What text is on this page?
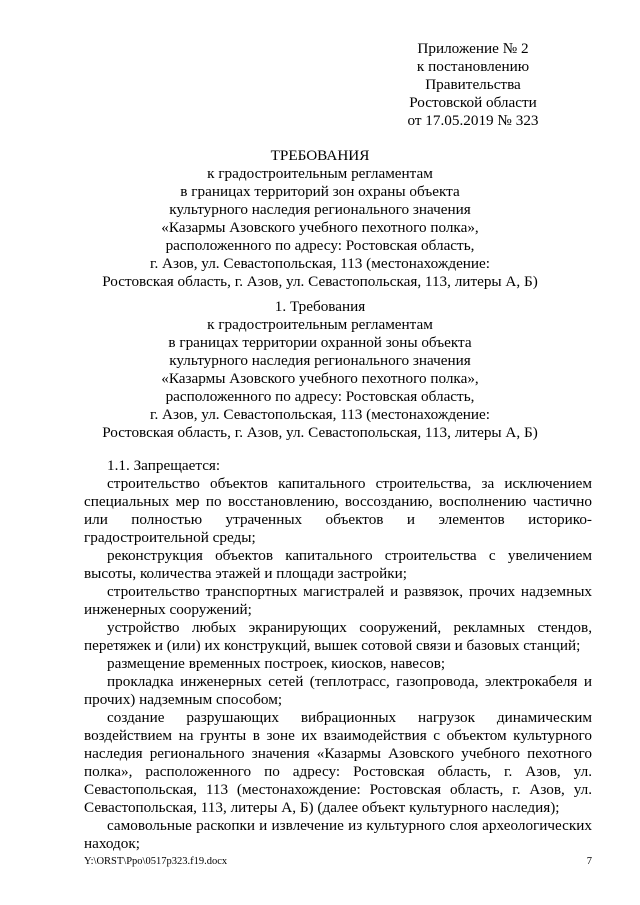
Приложение № 2
к постановлению
Правительства
Ростовской области
от 17.05.2019 № 323
ТРЕБОВАНИЯ
к градостроительным регламентам
в границах территорий зон охраны объекта
культурного наследия регионального значения
«Казармы Азовского учебного пехотного полка»,
расположенного по адресу: Ростовская область,
г. Азов, ул. Севастопольская, 113 (местонахождение:
Ростовская область, г. Азов, ул. Севастопольская, 113, литеры А, Б)
1. Требования
к градостроительным регламентам
в границах территории охранной зоны объекта
культурного наследия регионального значения
«Казармы Азовского учебного пехотного полка»,
расположенного по адресу: Ростовская область,
г. Азов, ул. Севастопольская, 113 (местонахождение:
Ростовская область, г. Азов, ул. Севастопольская, 113, литеры А, Б)

1.1. Запрещается:

строительство объектов капитального строительства, за исключением специальных мер по восстановлению, воссозданию, восполнению частично или полностью утраченных объектов и элементов историко-градостроительной среды;

реконструкция объектов капитального строительства с увеличением высоты, количества этажей и площади застройки;

строительство транспортных магистралей и развязок, прочих надземных инженерных сооружений;

устройство любых экранирующих сооружений, рекламных стендов, перетяжек и (или) их конструкций, вышек сотовой связи и базовых станций;

размещение временных построек, киосков, навесов;

прокладка инженерных сетей (теплотрасс, газопровода, электрокабеля и прочих) надземным способом;

создание разрушающих вибрационных нагрузок динамическим воздействием на грунты в зоне их взаимодействия с объектом культурного наследия регионального значения «Казармы Азовского учебного пехотного полка», расположенного по адресу: Ростовская область, г. Азов, ул. Севастопольская, 113 (местонахождение: Ростовская область, г. Азов, ул. Севастопольская, 113, литеры А, Б) (далее объект культурного наследия);

самовольные раскопки и извлечение из культурного слоя археологических находок;

Y:\ORST\Ppo\0517p323.f19.docx	7
